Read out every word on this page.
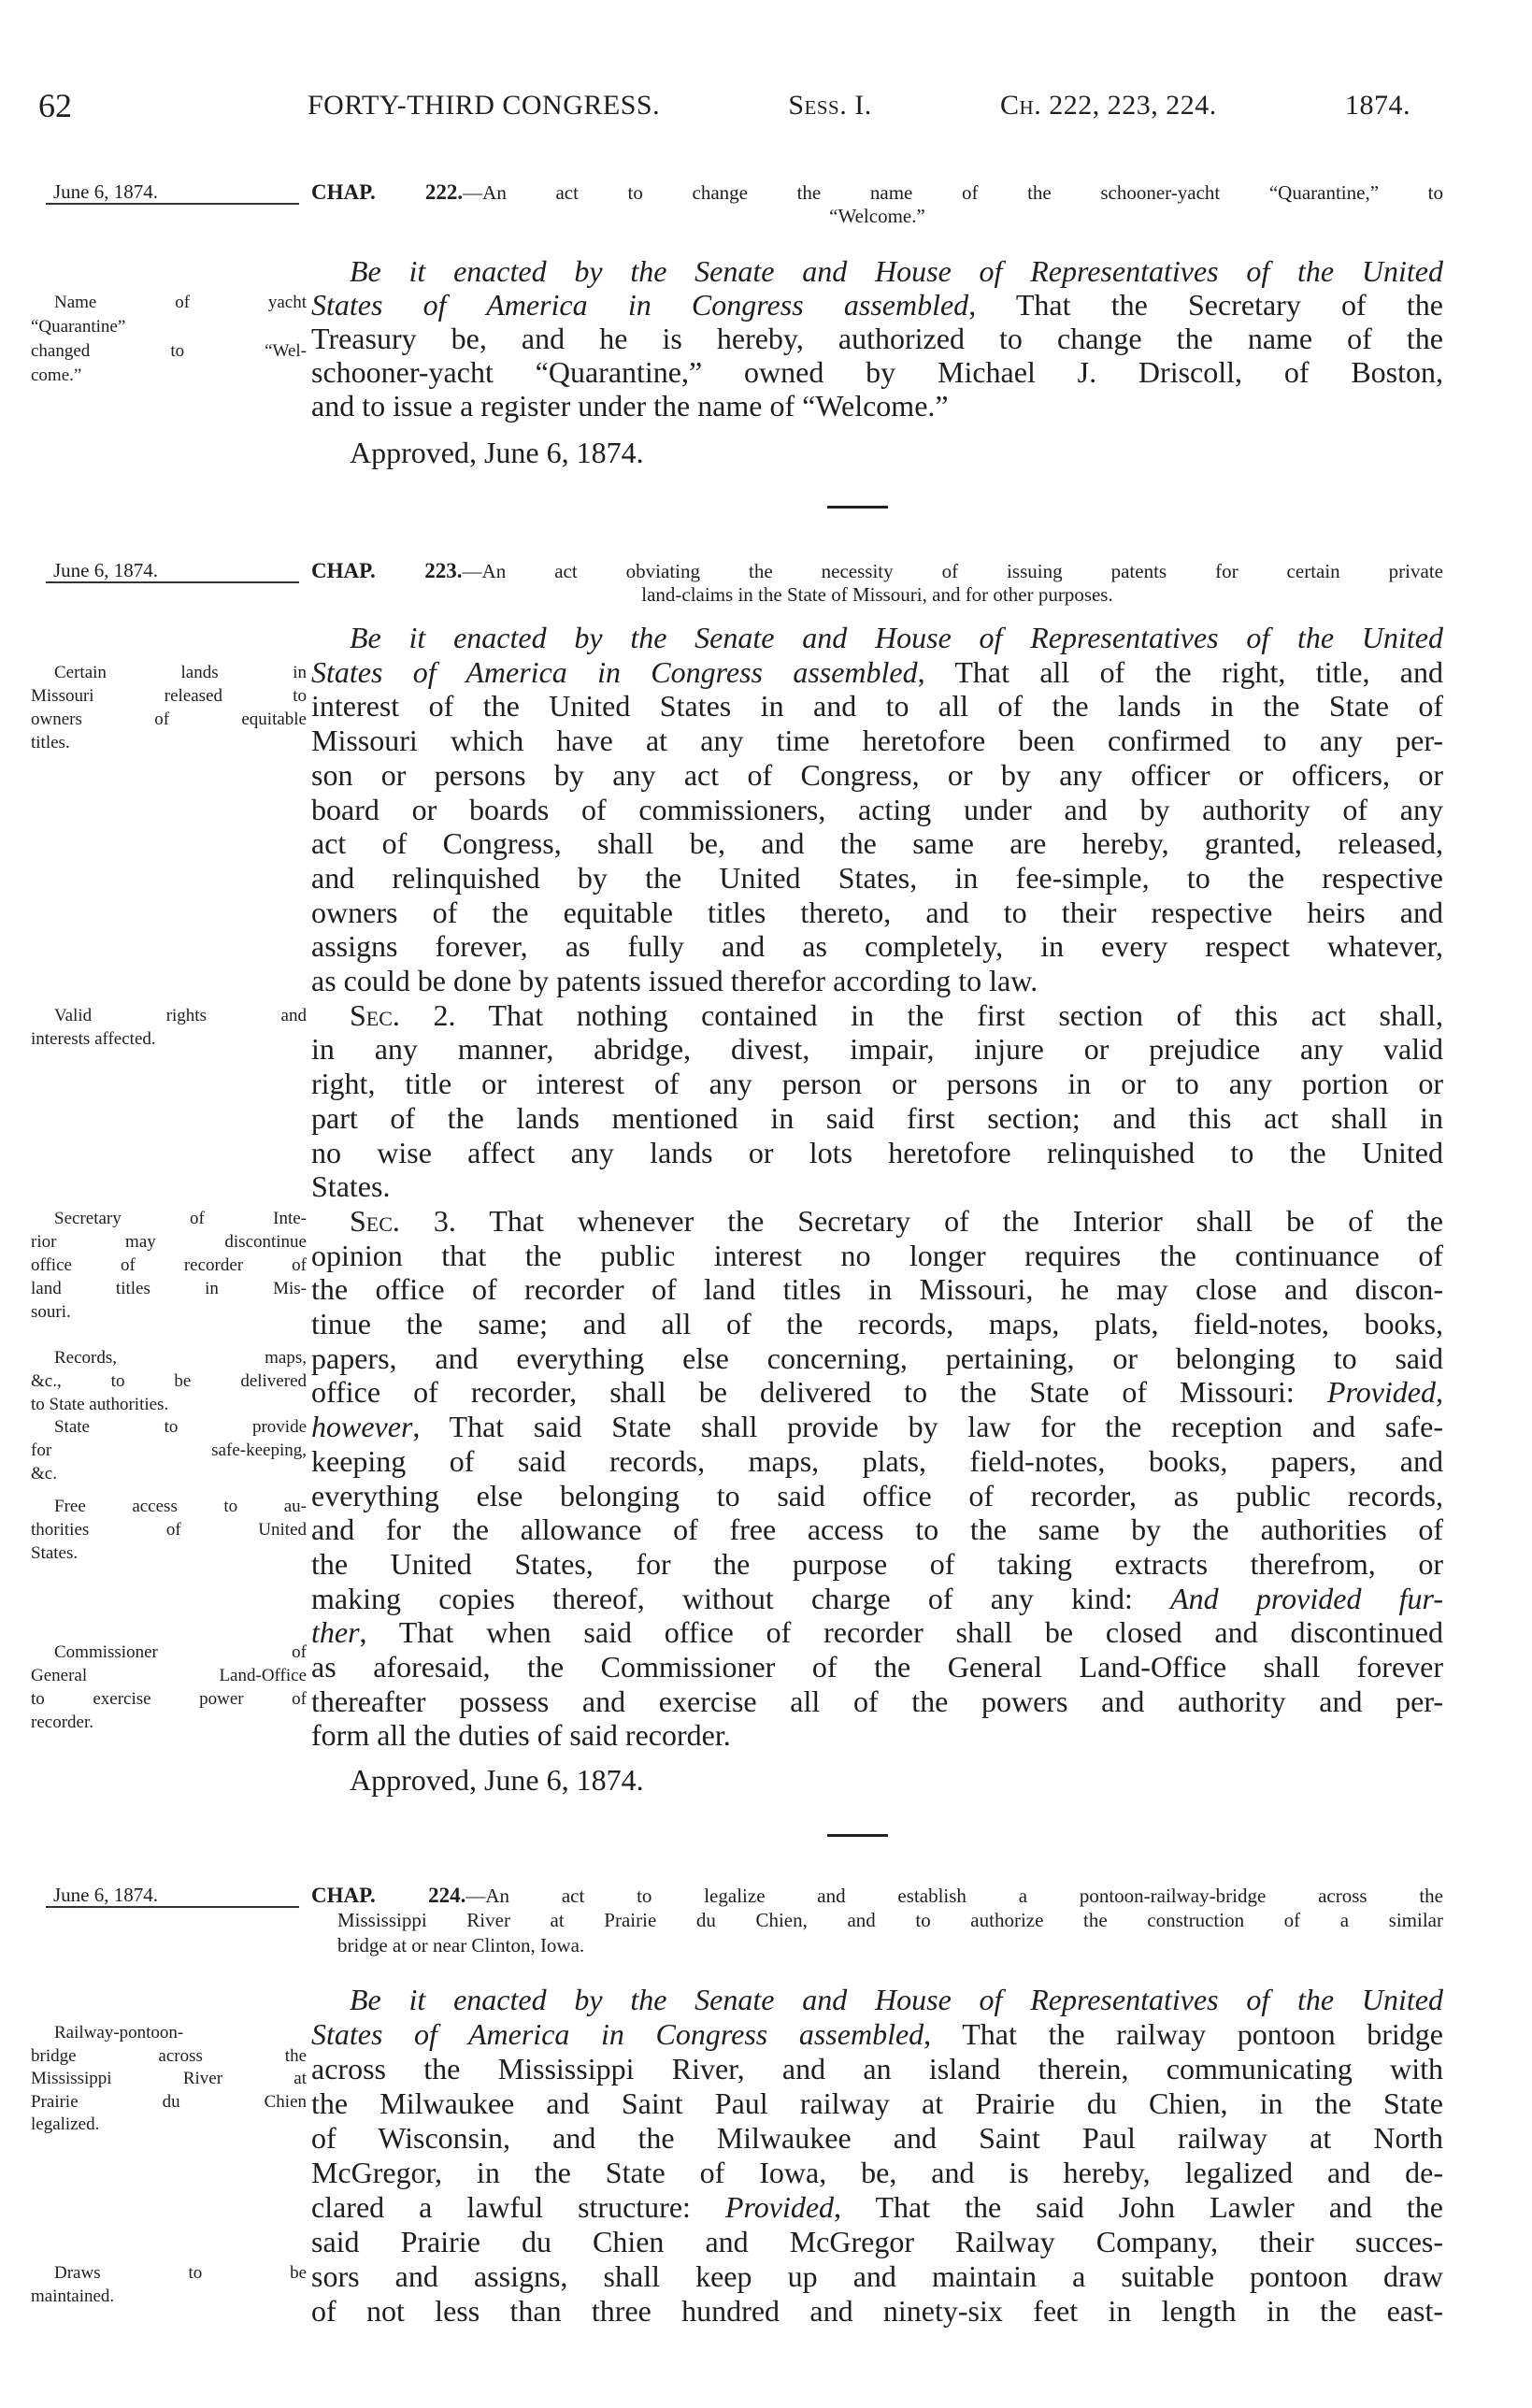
62	FORTY-THIRD CONGRESS.	Sess. I.	Ch. 222, 223, 224.	1874.
June 6, 1874.	CHAP. 222.—An act to change the name of the schooner-yacht “Quarantine,” to
“Welcome.”
Be it enacted by the Senate and House of Representatives of the United
States of America in Congress assembled, That the Secretary of the
Treasury be, and he is hereby, authorized to change the name of the
schooner-yacht “Quarantine,” owned by Michael J. Driscoll, of Boston,
and to issue a register under the name of “Welcome.”
Name of yacht
“Quarantine”
changed to “Wel-
come.”
Approved, June 6, 1874.
June 6, 1874.	CHAP. 223.—An act obviating the necessity of issuing patents for certain private
land-claims in the State of Missouri, and for other purposes.
Be it enacted by the Senate and House of Representatives of the United
States of America in Congress assembled, That all of the right, title, and
interest of the United States in and to all of the lands in the State of
Missouri which have at any time heretofore been confirmed to any per-
son or persons by any act of Congress, or by any officer or officers, or
board or boards of commissioners, acting under and by authority of any
act of Congress, shall be, and the same are hereby, granted, released,
and relinquished by the United States, in fee-simple, to the respective
owners of the equitable titles thereto, and to their respective heirs and
assigns forever, as fully and as completely, in every respect whatever,
as could be done by patents issued therefor according to law.
Sec. 2. That nothing contained in the first section of this act shall,
in any manner, abridge, divest, impair, injure or prejudice any valid
right, title or interest of any person or persons in or to any portion or
part of the lands mentioned in said first section; and this act shall in
no wise affect any lands or lots heretofore relinquished to the United
States.
Sec. 3. That whenever the Secretary of the Interior shall be of the
opinion that the public interest no longer requires the continuance of
the office of recorder of land titles in Missouri, he may close and discon-
tinue the same; and all of the records, maps, plats, field-notes, books,
papers, and everything else concerning, pertaining, or belonging to said
office of recorder, shall be delivered to the State of Missouri: Provided,
however, That said State shall provide by law for the reception and safe-
keeping of said records, maps, plats, field-notes, books, papers, and
everything else belonging to said office of recorder, as public records,
and for the allowance of free access to the same by the authorities of
the United States, for the purpose of taking extracts therefrom, or
making copies thereof, without charge of any kind: And provided fur-
ther, That when said office of recorder shall be closed and discontinued
as aforesaid, the Commissioner of the General Land-Office shall forever
thereafter possess and exercise all of the powers and authority and per-
form all the duties of said recorder.
Certain lands in
Missouri released to
owners of equitable
titles.
Valid rights and
interests affected.
Secretary of Inte-
rior may discontinue
office of recorder of
land titles in Mis-
souri.
Records, maps,
&c., to be delivered
to State authorities.
State to provide
for safe-keeping,
&c.
Free access to au-
thorities of United
States.
Commissioner of
General Land-Office
to exercise power of
recorder.
Approved, June 6, 1874.
June 6, 1874.	CHAP. 224.—An act to legalize and establish a pontoon-railway-bridge across the
Mississippi River at Prairie du Chien, and to authorize the construction of a similar
bridge at or near Clinton, Iowa.
Be it enacted by the Senate and House of Representatives of the United
States of America in Congress assembled, That the railway pontoon bridge
across the Mississippi River, and an island therein, communicating with
the Milwaukee and Saint Paul railway at Prairie du Chien, in the State
of Wisconsin, and the Milwaukee and Saint Paul railway at North
McGregor, in the State of Iowa, be, and is hereby, legalized and de-
clared a lawful structure: Provided, That the said John Lawler and the
said Prairie du Chien and McGregor Railway Company, their succes-
sors and assigns, shall keep up and maintain a suitable pontoon draw
of not less than three hundred and ninety-six feet in length in the east-
Railway-pontoon-
bridge across the
Mississippi River at
Prairie du Chien
legalized.
Draws to be
maintained.
